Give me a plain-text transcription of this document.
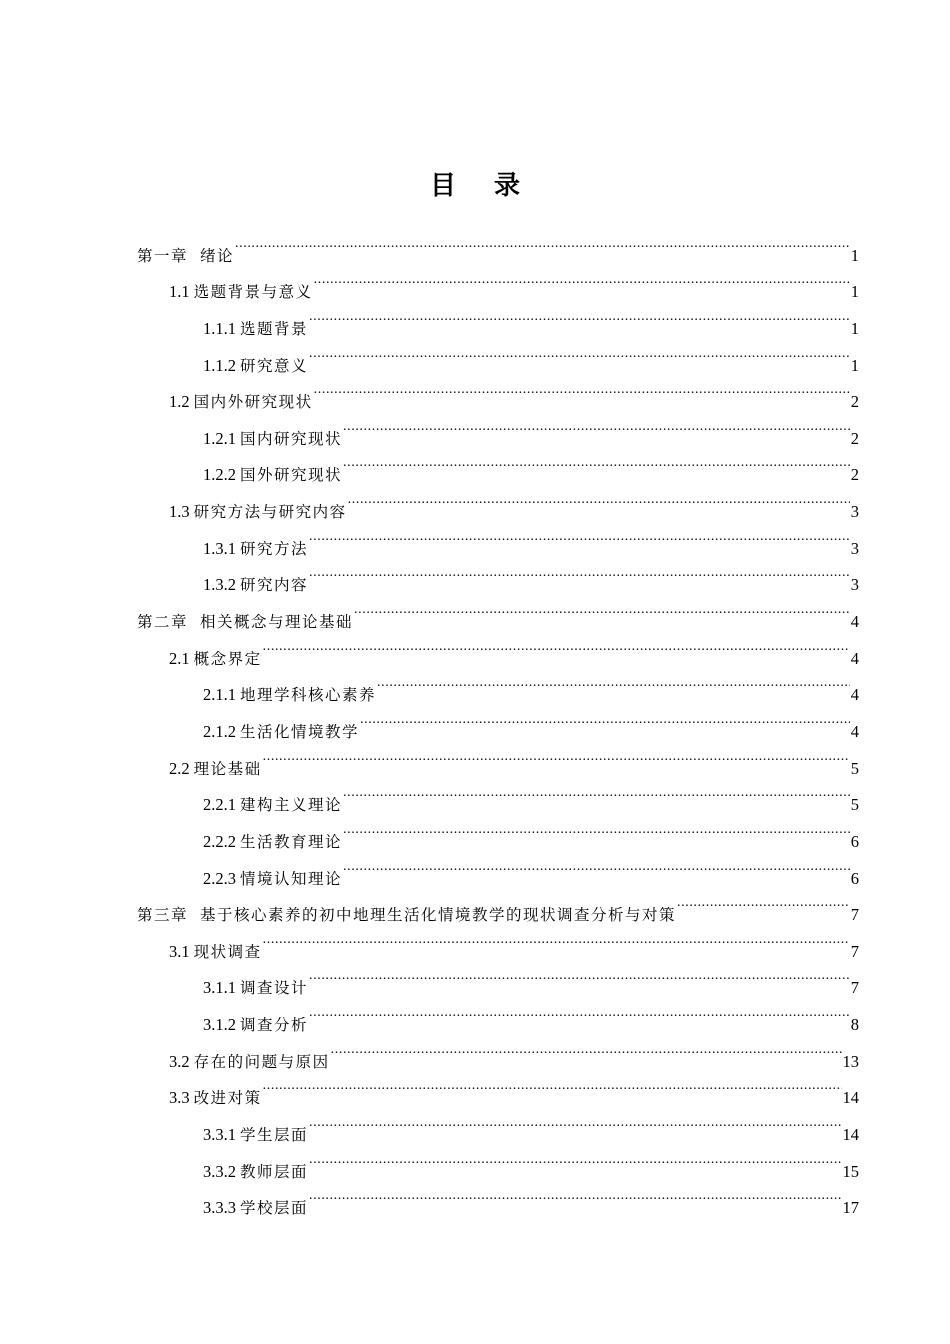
目录
第一章 绪论 .....	1
1.1 选题背景与意义 .....	1
1.1.1 选题背景 .....	1
1.1.2 研究意义 .....	1
1.2 国内外研究现状 .....	2
1.2.1 国内研究现状 .....	2
1.2.2 国外研究现状 .....	2
1.3 研究方法与研究内容 .....	3
1.3.1 研究方法 .....	3
1.3.2 研究内容 .....	3
第二章 相关概念与理论基础 .....	4
2.1 概念界定 .....	4
2.1.1 地理学科核心素养 .....	4
2.1.2 生活化情境教学 .....	4
2.2 理论基础 .....	5
2.2.1 建构主义理论 .....	5
2.2.2 生活教育理论 .....	6
2.2.3 情境认知理论 .....	6
第三章 基于核心素养的初中地理生活化情境教学的现状调查分析与对策 .....	7
3.1 现状调查 .....	7
3.1.1 调查设计 .....	7
3.1.2 调查分析 .....	8
3.2 存在的问题与原因 .....	13
3.3 改进对策 .....	14
3.3.1 学生层面 .....	14
3.3.2 教师层面 .....	15
3.3.3 学校层面 .....	17
